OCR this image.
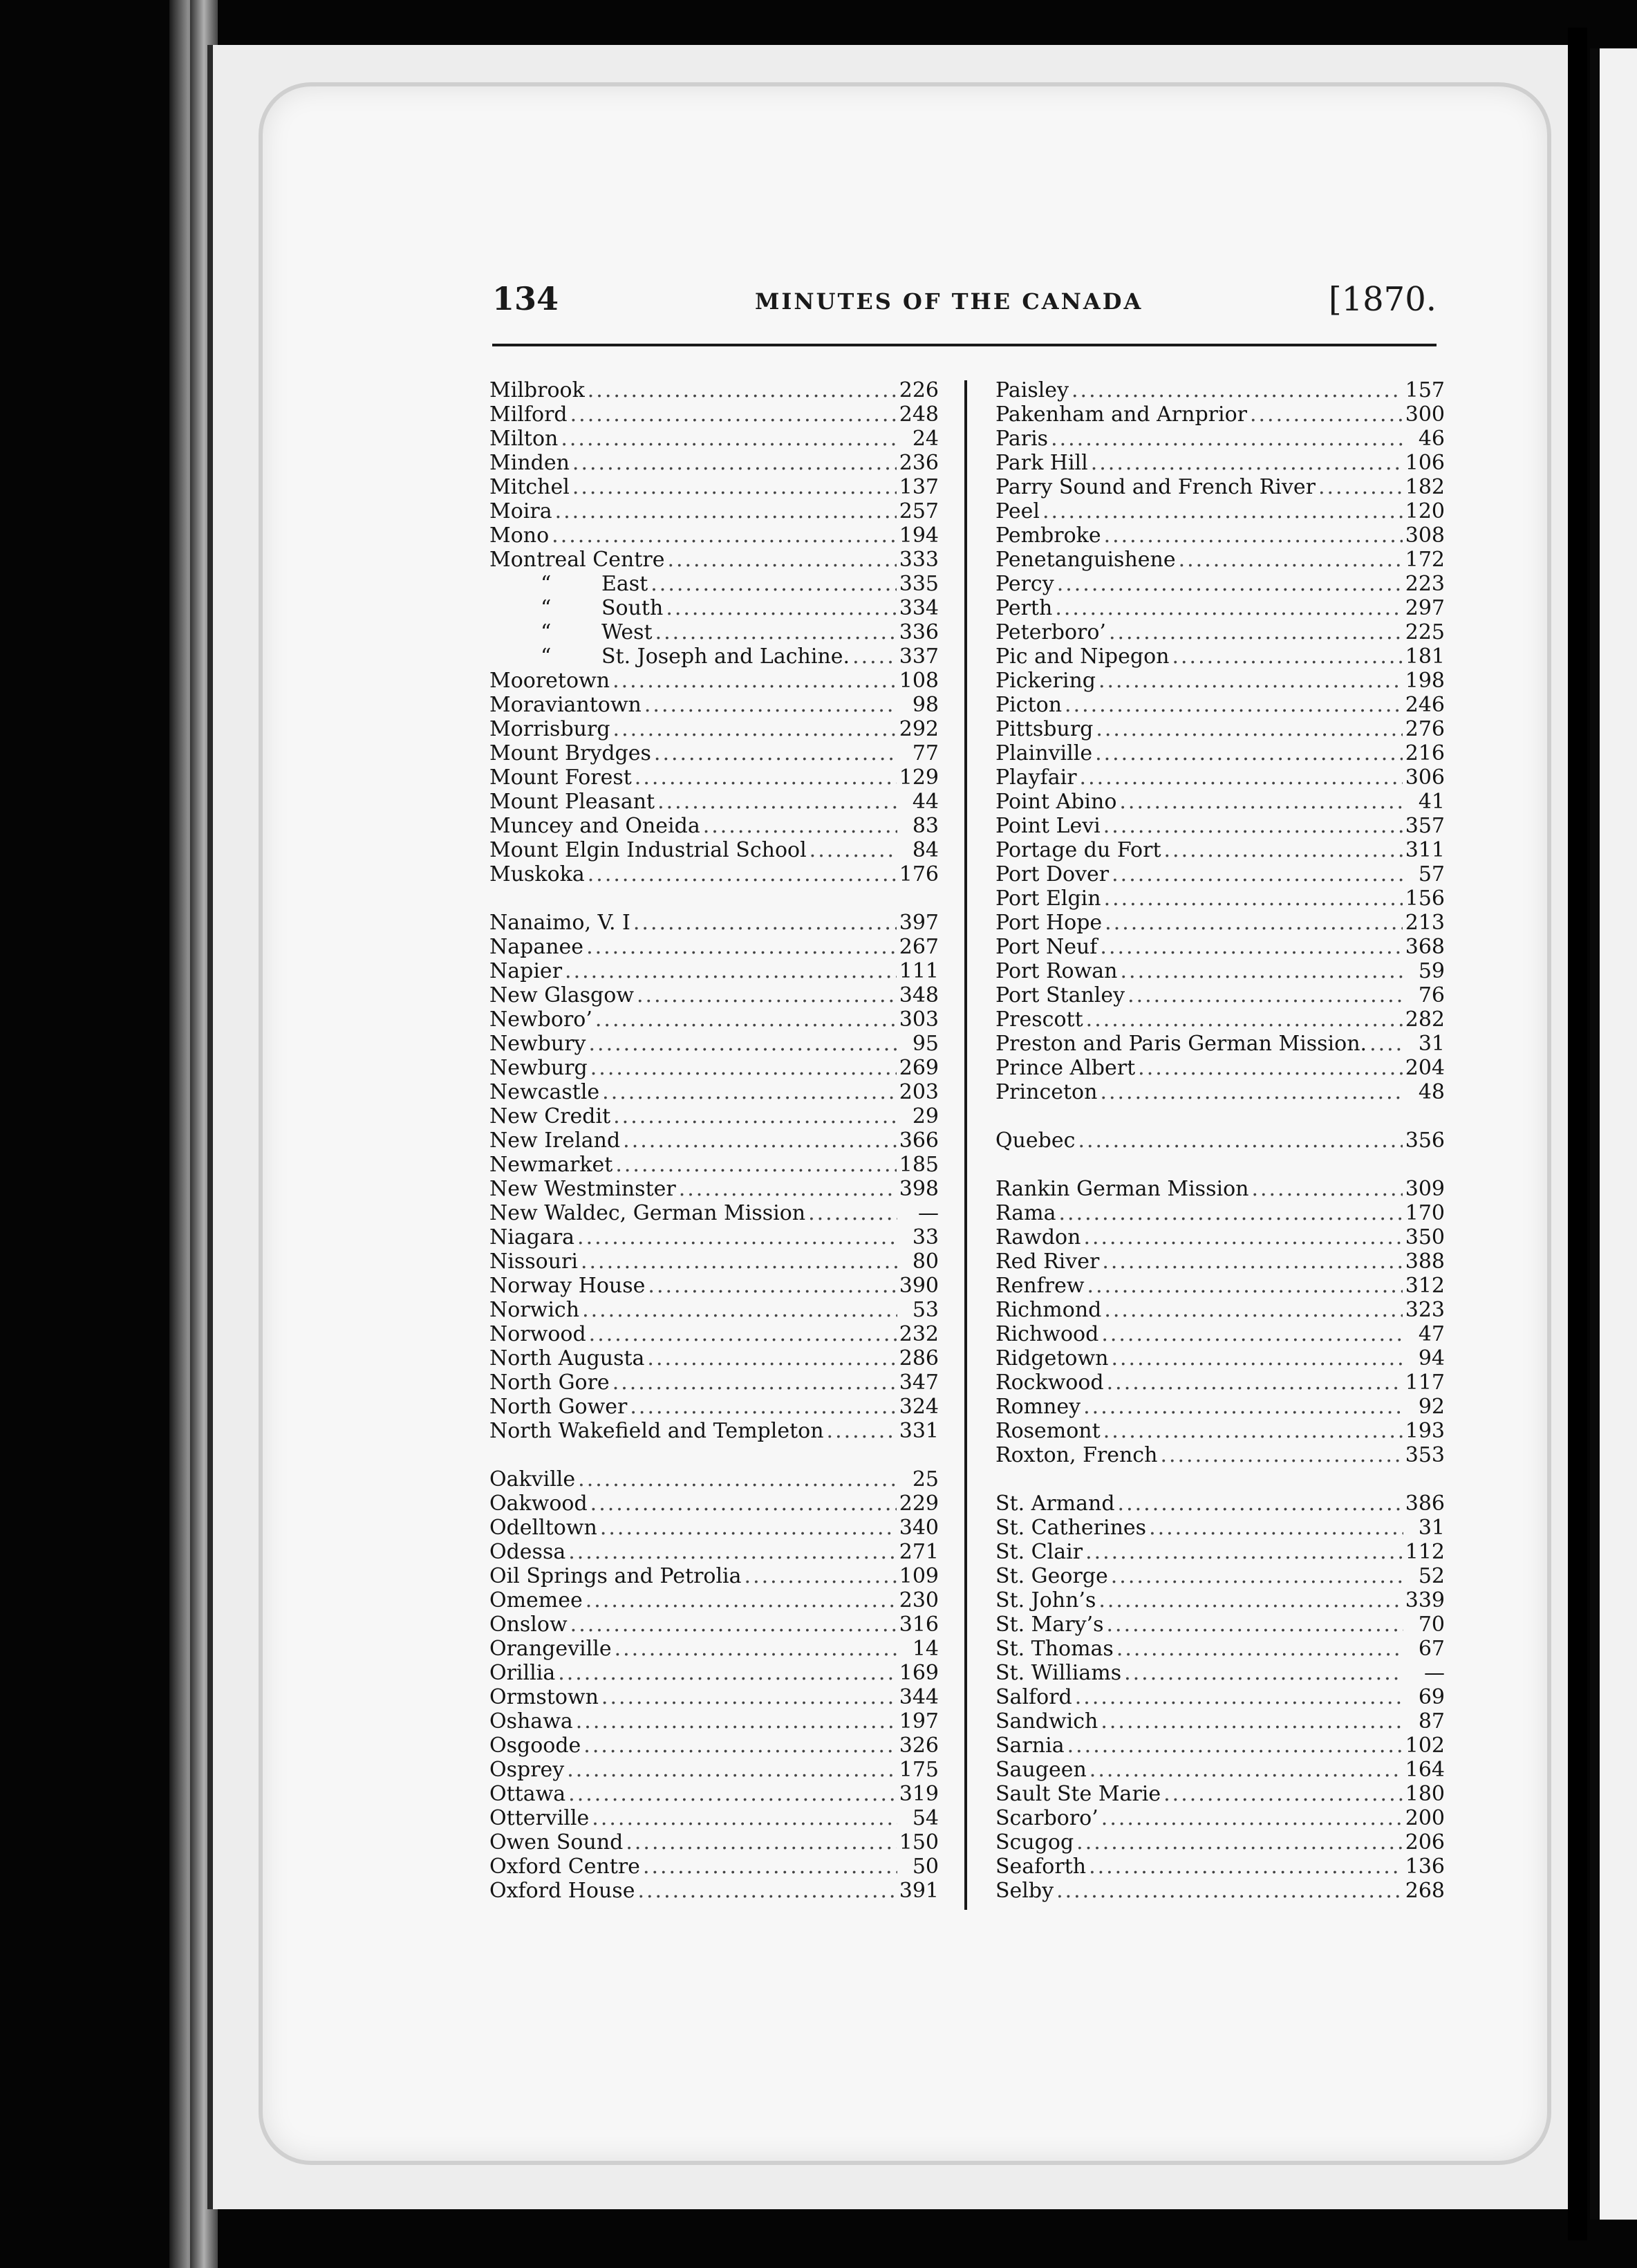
134	MINUTES OF THE CANADA	[1870.
Milbrook .....	226
Milford .....	248
Milton .....	24
Minden .....	236
Mitchel .....	137
Moira .....	257
Mono .....	194
Montreal Centre .....	333
“ East .....	335
“ South .....	334
“ West .....	336
“ St. Joseph and Lachine. ..... 337
Mooretown .....	108
Moraviantown .....	98
Morrisburg .....	292
Mount Brydges .....	77
Mount Forest .....	129
Mount Pleasant .....	44
Muncey and Oneida .....	83
Mount Elgin Industrial School .....	84
Muskoka .....	176
Nanaimo, V. I .....	397
Napanee .....	267
Napier .....	111
New Glasgow .....	348
Newboro’ .....	303
Newbury .....	95
Newburg .....	269
Newcastle .....	203
New Credit .....	29
New Ireland .....	366
Newmarket .....	185
New Westminster .....	398
New Waldec, German Mission .....	—
Niagara .....	33
Nissouri .....	80
Norway House .....	390
Norwich .....	53
Norwood .....	232
North Augusta .....	286
North Gore .....	347
North Gower .....	324
North Wakefield and Templeton .....	331
Oakville .....	25
Oakwood .....	229
Odelltown .....	340
Odessa .....	271
Oil Springs and Petrolia .....	109
Omemee .....	230
Onslow .....	316
Orangeville .....	14
Orillia .....	169
Ormstown .....	344
Oshawa .....	197
Osgoode .....	326
Osprey .....	175
Ottawa .....	319
Otterville .....	54
Owen Sound .....	150
Oxford Centre .....	50
Oxford House .....	391
Paisley .....	157
Pakenham and Arnprior .....	300
Paris .....	46
Park Hill .....	106
Parry Sound and French River .....	182
Peel .....	120
Pembroke .....	308
Penetanguishene .....	172
Percy .....	223
Perth .....	297
Peterboro’ .....	225
Pic and Nipegon .....	181
Pickering .....	198
Picton .....	246
Pittsburg .....	276
Plainville .....	216
Playfair .....	306
Point Abino .....	41
Point Levi .....	357
Portage du Fort .....	311
Port Dover .....	57
Port Elgin .....	156
Port Hope .....	213
Port Neuf .....	368
Port Rowan .....	59
Port Stanley .....	76
Prescott .....	282
Preston and Paris German Mission. .....	31
Prince Albert .....	204
Princeton .....	48
Quebec .....	356
Rankin German Mission .....	309
Rama .....	170
Rawdon .....	350
Red River .....	388
Renfrew .....	312
Richmond .....	323
Richwood .....	47
Ridgetown .....	94
Rockwood .....	117
Romney .....	92
Rosemont .....	193
Roxton, French .....	353
St. Armand .....	386
St. Catherines .....	31
St. Clair .....	112
St. George .....	52
St. John’s .....	339
St. Mary’s .....	70
St. Thomas .....	67
St. Williams .....	—
Salford .....	69
Sandwich .....	87
Sarnia .....	102
Saugeen .....	164
Sault Ste Marie .....	180
Scarboro’ .....	200
Scugog .....	206
Seaforth .....	136
Selby .....	268
